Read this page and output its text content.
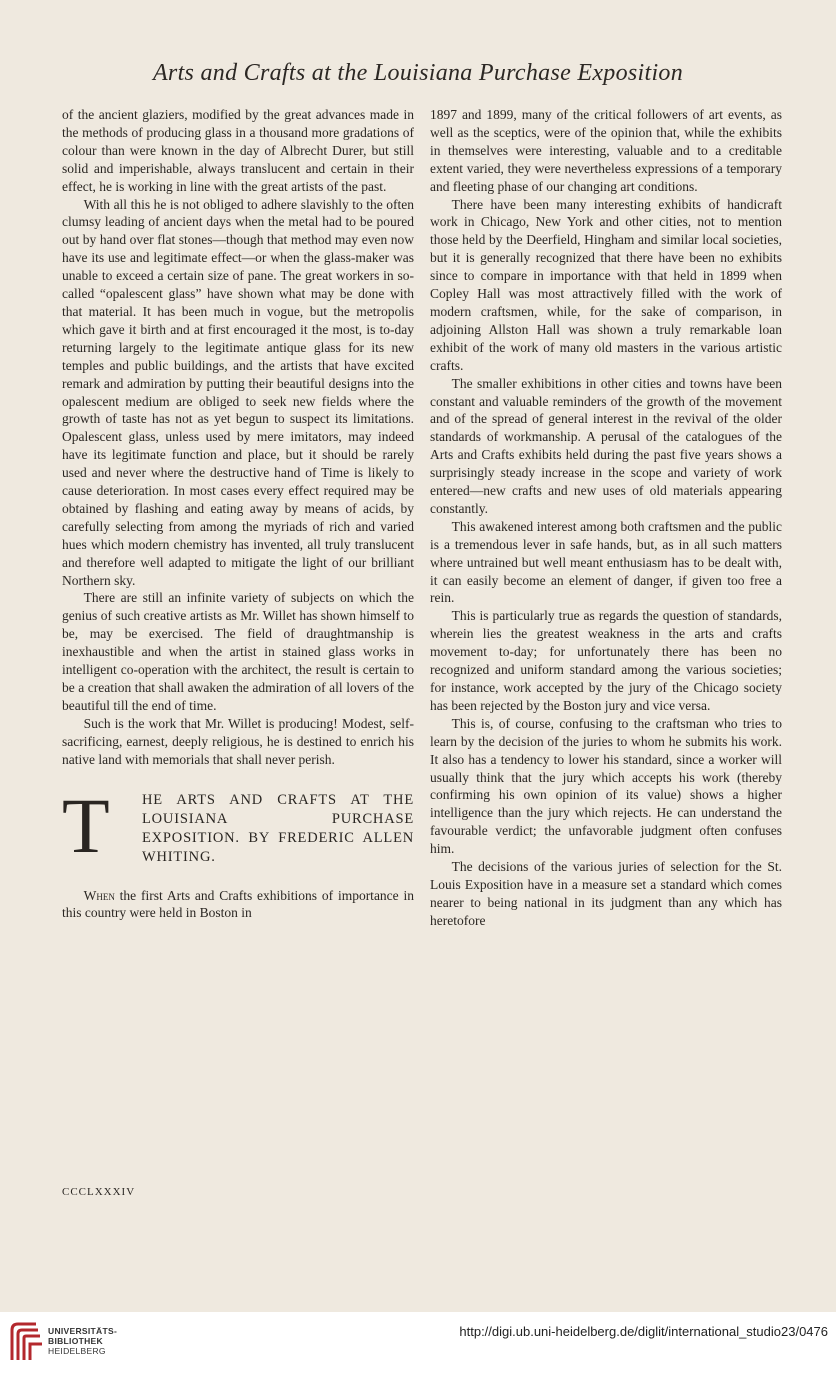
Arts and Crafts at the Louisiana Purchase Exposition

of the ancient glaziers, modified by the great advances made in the methods of producing glass in a thousand more gradations of colour than were known in the day of Albrecht Durer, but still solid and imperishable, always translucent and certain in their effect, he is working in line with the great artists of the past.

With all this he is not obliged to adhere slavishly to the often clumsy leading of ancient days when the metal had to be poured out by hand over flat stones—though that method may even now have its use and legitimate effect—or when the glass-maker was unable to exceed a certain size of pane. The great workers in so-called “opalescent glass” have shown what may be done with that material. It has been much in vogue, but the metropolis which gave it birth and at first encouraged it the most, is to-day returning largely to the legitimate antique glass for its new temples and public buildings, and the artists that have excited remark and admiration by putting their beautiful designs into the opalescent medium are obliged to seek new fields where the growth of taste has not as yet begun to suspect its limitations. Opalescent glass, unless used by mere imitators, may indeed have its legitimate function and place, but it should be rarely used and never where the destructive hand of Time is likely to cause deterioration. In most cases every effect required may be obtained by flashing and eating away by means of acids, by carefully selecting from among the myriads of rich and varied hues which modern chemistry has invented, all truly translucent and therefore well adapted to mitigate the light of our brilliant Northern sky.

There are still an infinite variety of subjects on which the genius of such creative artists as Mr. Willet has shown himself to be, may be exercised. The field of draughtmanship is inexhaustible and when the artist in stained glass works in intelligent co-operation with the architect, the result is certain to be a creation that shall awaken the admiration of all lovers of the beautiful till the end of time.

Such is the work that Mr. Willet is producing! Modest, self-sacrificing, earnest, deeply religious, he is destined to enrich his native land with memorials that shall never perish.

T HE ARTS AND CRAFTS AT THE LOUISIANA PURCHASE EXPOSITION. BY FREDERIC ALLEN WHITING.

When the first Arts and Crafts exhibitions of importance in this country were held in Boston in

1897 and 1899, many of the critical followers of art events, as well as the sceptics, were of the opinion that, while the exhibits in themselves were interesting, valuable and to a creditable extent varied, they were nevertheless expressions of a temporary and fleeting phase of our changing art conditions.

There have been many interesting exhibits of handicraft work in Chicago, New York and other cities, not to mention those held by the Deerfield, Hingham and similar local societies, but it is generally recognized that there have been no exhibits since to compare in importance with that held in 1899 when Copley Hall was most attractively filled with the work of modern craftsmen, while, for the sake of comparison, in adjoining Allston Hall was shown a truly remarkable loan exhibit of the work of many old masters in the various artistic crafts.

The smaller exhibitions in other cities and towns have been constant and valuable reminders of the growth of the movement and of the spread of general interest in the revival of the older standards of workmanship. A perusal of the catalogues of the Arts and Crafts exhibits held during the past five years shows a surprisingly steady increase in the scope and variety of work entered—new crafts and new uses of old materials appearing constantly.

This awakened interest among both craftsmen and the public is a tremendous lever in safe hands, but, as in all such matters where untrained but well meant enthusiasm has to be dealt with, it can easily become an element of danger, if given too free a rein.

This is particularly true as regards the question of standards, wherein lies the greatest weakness in the arts and crafts movement to-day; for unfortunately there has been no recognized and uniform standard among the various societies; for instance, work accepted by the jury of the Chicago society has been rejected by the Boston jury and vice versa.

This is, of course, confusing to the craftsman who tries to learn by the decision of the juries to whom he submits his work. It also has a tendency to lower his standard, since a worker will usually think that the jury which accepts his work (thereby confirming his own opinion of its value) shows a higher intelligence than the jury which rejects. He can understand the favourable verdict; the unfavorable judgment often confuses him.

The decisions of the various juries of selection for the St. Louis Exposition have in a measure set a standard which comes nearer to being national in its judgment than any which has heretofore

CCCLXXXIV
UNIVERSITÄTS-
BIBLIOTHEK
HEIDELBERG
http://digi.ub.uni-heidelberg.de/diglit/international_studio23/0476
